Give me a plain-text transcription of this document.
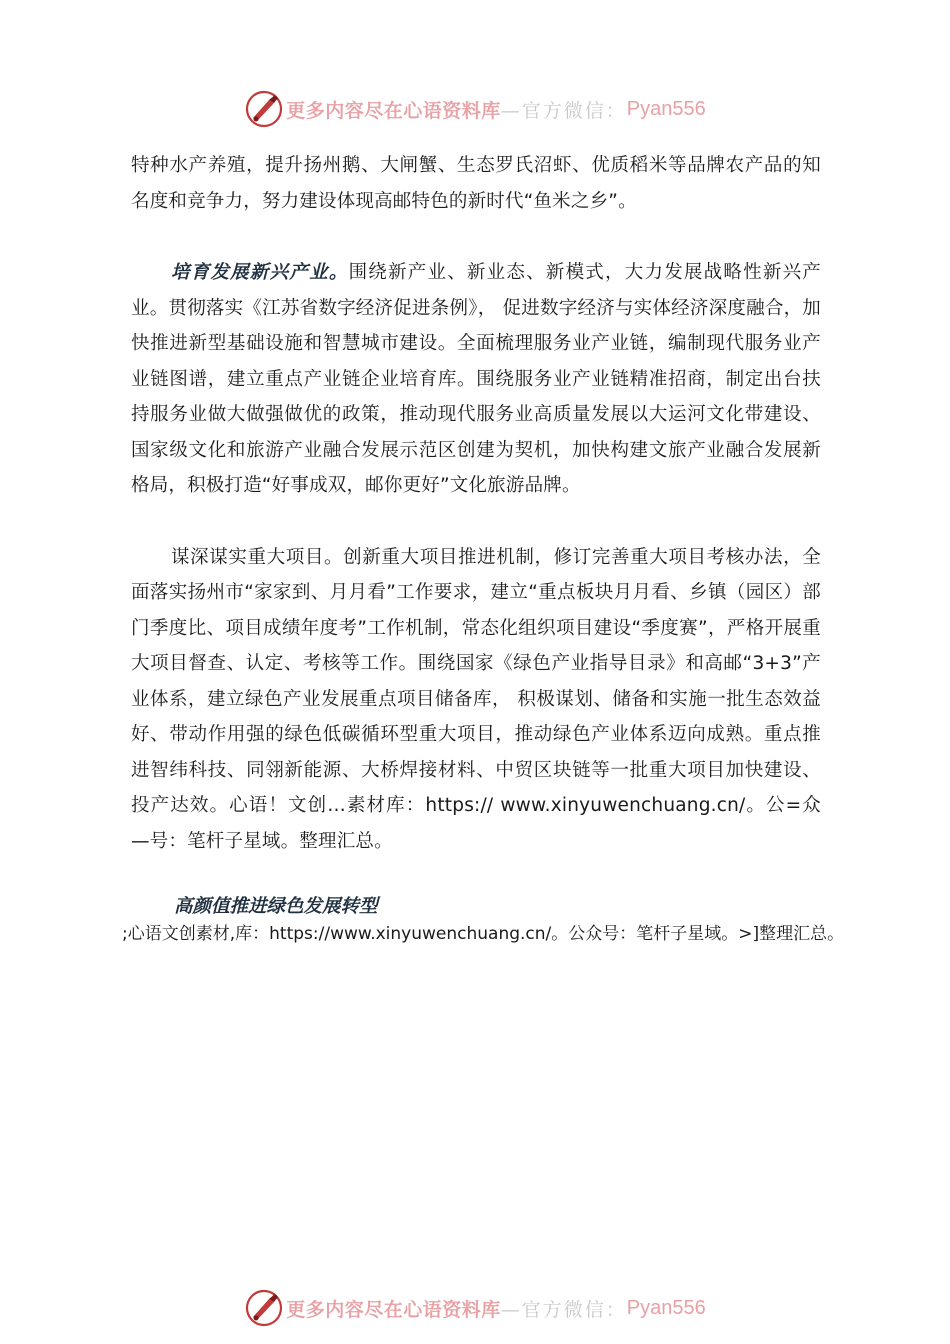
更多内容尽在心语资料库 —官方微信： Pyan556

特种水产养殖，提升扬州鹅、大闸蟹、生态罗氏沼虾、优质稻米等品牌农产品的知名度和竞争力，努力建设体现高邮特色的新时代“鱼米之乡”。

培育发展新兴产业。围绕新产业、新业态、新模式，大力发展战略性新兴产业。贯彻落实《江苏省数字经济促进条例》， 促进数字经济与实体经济深度融合，加快推进新型基础设施和智慧城市建设。全面梳理服务业产业链，编制现代服务业产业链图谱，建立重点产业链企业培育库。围绕服务业产业链精准招商，制定出台扶持服务业做大做强做优的政策，推动现代服务业高质量发展以大运河文化带建设、国家级文化和旅游产业融合发展示范区创建为契机，加快构建文旅产业融合发展新格局，积极打造“好事成双，邮你更好”文化旅游品牌。

谋深谋实重大项目。创新重大项目推进机制，修订完善重大项目考核办法，全面落实扬州市“家家到、月月看”工作要求，建立“重点板块月月看、乡镇（园区）部门季度比、项目成绩年度考”工作机制，常态化组织项目建设“季度赛”，严格开展重大项目督查、认定、考核等工作。围绕国家《绿色产业指导目录》和高邮“3+3”产业体系，建立绿色产业发展重点项目储备库， 积极谋划、储备和实施一批生态效益好、带动作用强的绿色低碳循环型重大项目，推动绿色产业体系迈向成熟。重点推进智纬科技、同翎新能源、大桥焊接材料、中贸区块链等一批重大项目加快建设、投产达效。心语！文创…素材库：https:// www.xinyuwenchuang.cn/。公=众—号：笔杆子星域。整理汇总。

高颜值推进绿色发展转型
;心语文创素材,库：https://www.xinyuwenchuang.cn/。公众号：笔杆子星域。>]整理汇总。
更多内容尽在心语资料库 —官方微信： Pyan556
